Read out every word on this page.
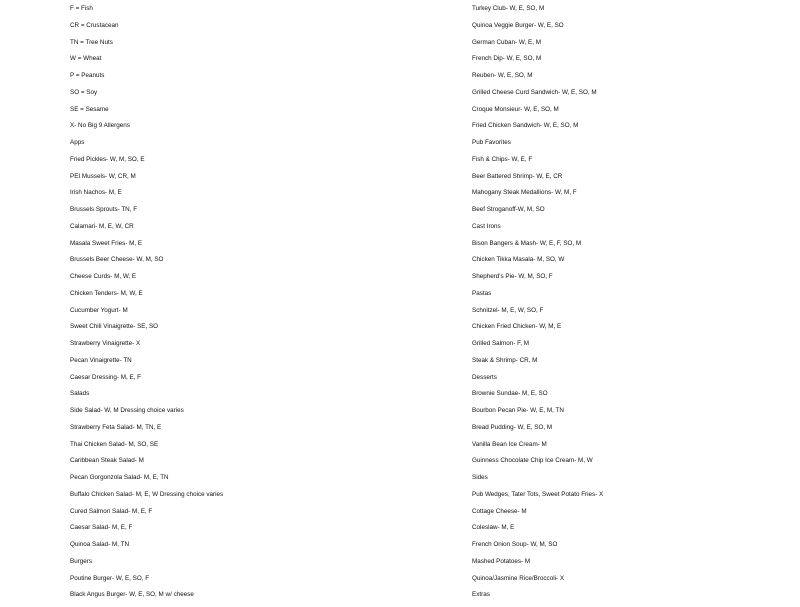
F = Fish
CR = Crustacean
TN = Tree Nuts
W = Wheat
P = Peanuts
SO = Soy
SE = Sesame
X- No Big 9 Allergens
Apps
Fried Pickles- W, M, SO, E
PEI Mussels- W, CR, M
Irish Nachos- M, E
Brussels Sprouts- TN, F
Calamari- M, E, W, CR
Masala Sweet Fries- M, E
Brussels Beer Cheese- W, M, SO
Cheese Curds- M, W, E
Chicken Tenders- M, W, E
Cucumber Yogurt- M
Sweet Chili Vinaigrette- SE, SO
Strawberry Vinaigrette- X
Pecan Vinaigrette- TN
Caesar Dressing- M, E, F
Salads
Side Salad- W, M Dressing choice varies
Strawberry Feta Salad- M, TN, E
Thai Chicken Salad- M, SO, SE
Caribbean Steak Salad- M
Pecan Gorgonzola Salad- M, E, TN
Buffalo Chicken Salad- M, E, W Dressing choice varies
Cured Salmon Salad- M, E, F
Caesar Salad- M, E, F
Quinoa Salad- M, TN
Burgers
Poutine Burger- W, E, SO, F
Black Angus Burger- W, E, SO, M w/ cheese
Turkey Club- W, E, SO, M
Quinoa Veggie Burger- W, E, SO
German Cuban- W, E, M
French Dip- W, E, SO, M
Reuben- W, E, SO, M
Grilled Cheese Curd Sandwich- W, E, SO, M
Croque Monsieur- W, E, SO, M
Fried Chicken Sandwich- W, E, SO, M
Pub Favorites
Fish & Chips- W, E, F
Beer Battered Shrimp- W, E, CR
Mahogany Steak Medallions- W, M, F
Beef Stroganoff-W, M, SO
Cast Irons
Bison Bangers & Mash- W, E, F, SO, M
Chicken Tikka Masala- M, SO, W
Shepherd's Pie- W, M, SO, F
Pastas
Schnitzel- M, E, W, SO, F
Chicken Fried Chicken- W, M, E
Grilled Salmon- F, M
Steak & Shrimp- CR, M
Desserts
Brownie Sundae- M, E, SO
Bourbon Pecan Pie- W, E, M, TN
Bread Pudding- W, E, SO, M
Vanilla Bean Ice Cream- M
Guinness Chocolate Chip Ice Cream- M, W
Sides
Pub Wedges, Tater Tots, Sweet Potato Fries- X
Cottage Cheese- M
Coleslaw- M, E
French Onion Soup- W, M, SO
Mashed Potatoes- M
Quinoa/Jasmine Rice/Broccoli- X
Extras
